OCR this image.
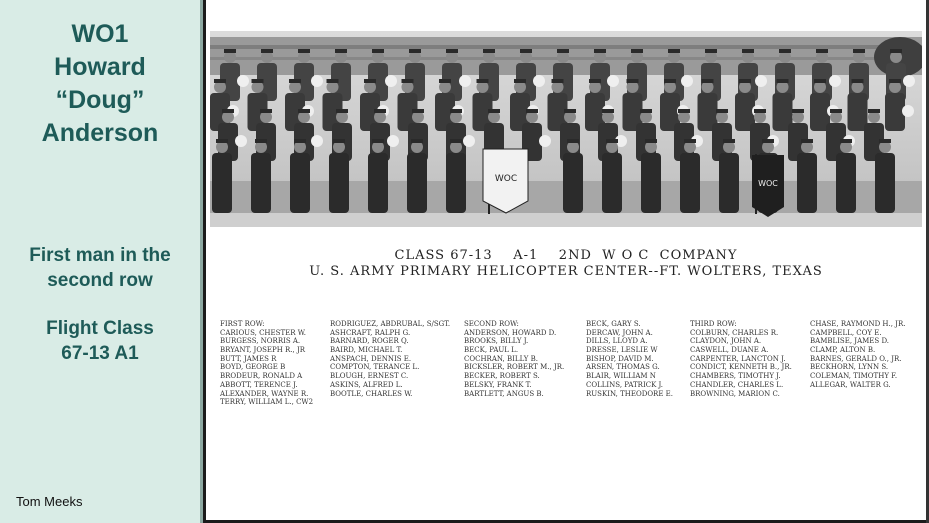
WO1
Howard
“Doug”
Anderson
First man in the
second row
Flight Class
67-13 A1
Tom Meeks
WOC	WOC
CLASS 67-13    A-1    2ND  W O C  COMPANY
U. S. ARMY PRIMARY HELICOPTER CENTER--FT. WOLTERS, TEXAS
FIRST ROW:
CARIOUS, CHESTER W.
BURGESS, NORRIS A.
BRYANT, JOSEPH R., JR
BUTT, JAMES R
BOYD, GEORGE B
BRODEUR, RONALD A
ABBOTT, TERENCE J.
ALEXANDER, WAYNE R.
TERRY, WILLIAM L., CW2
RODRIGUEZ, ABDRUBAL, S/SGT.
ASHCRAFT, RALPH G.
BARNARD, ROGER Q.
BAIRD, MICHAEL T.
ANSPACH, DENNIS E.
COMPTON, TERANCE L.
BLOUGH, ERNEST C.
ASKINS, ALFRED L.
BOOTLE, CHARLES W.
SECOND ROW:
ANDERSON, HOWARD D.
BROOKS, BILLY J.
BECK, PAUL L.
COCHRAN, BILLY B.
BICKSLER, ROBERT M., JR.
BECKER, ROBERT S.
BELSKY, FRANK T.
BARTLETT, ANGUS B.
BECK, GARY S.
DERCAW, JOHN A.
DILLS, LLOYD A.
DRESSE, LESLIE W
BISHOP, DAVID M.
ARSEN, THOMAS G.
BLAIR, WILLIAM N
COLLINS, PATRICK J.
RUSKIN, THEODORE E.
THIRD ROW:
COLBURN, CHARLES R.
CLAYDON, JOHN A.
CASWELL, DUANE A.
CARPENTER, LANCTON J.
CONDICT, KENNETH B., JR.
CHAMBERS, TIMOTHY J.
CHANDLER, CHARLES L.
BROWNING, MARION C.
CHASE, RAYMOND H., JR.
CAMPBELL, COY E.
BAMBLISE, JAMES D.
CLAMP, ALTON B.
BARNES, GERALD O., JR.
BECKHORN, LYNN S.
COLEMAN, TIMOTHY F.
ALLEGAR, WALTER G.
